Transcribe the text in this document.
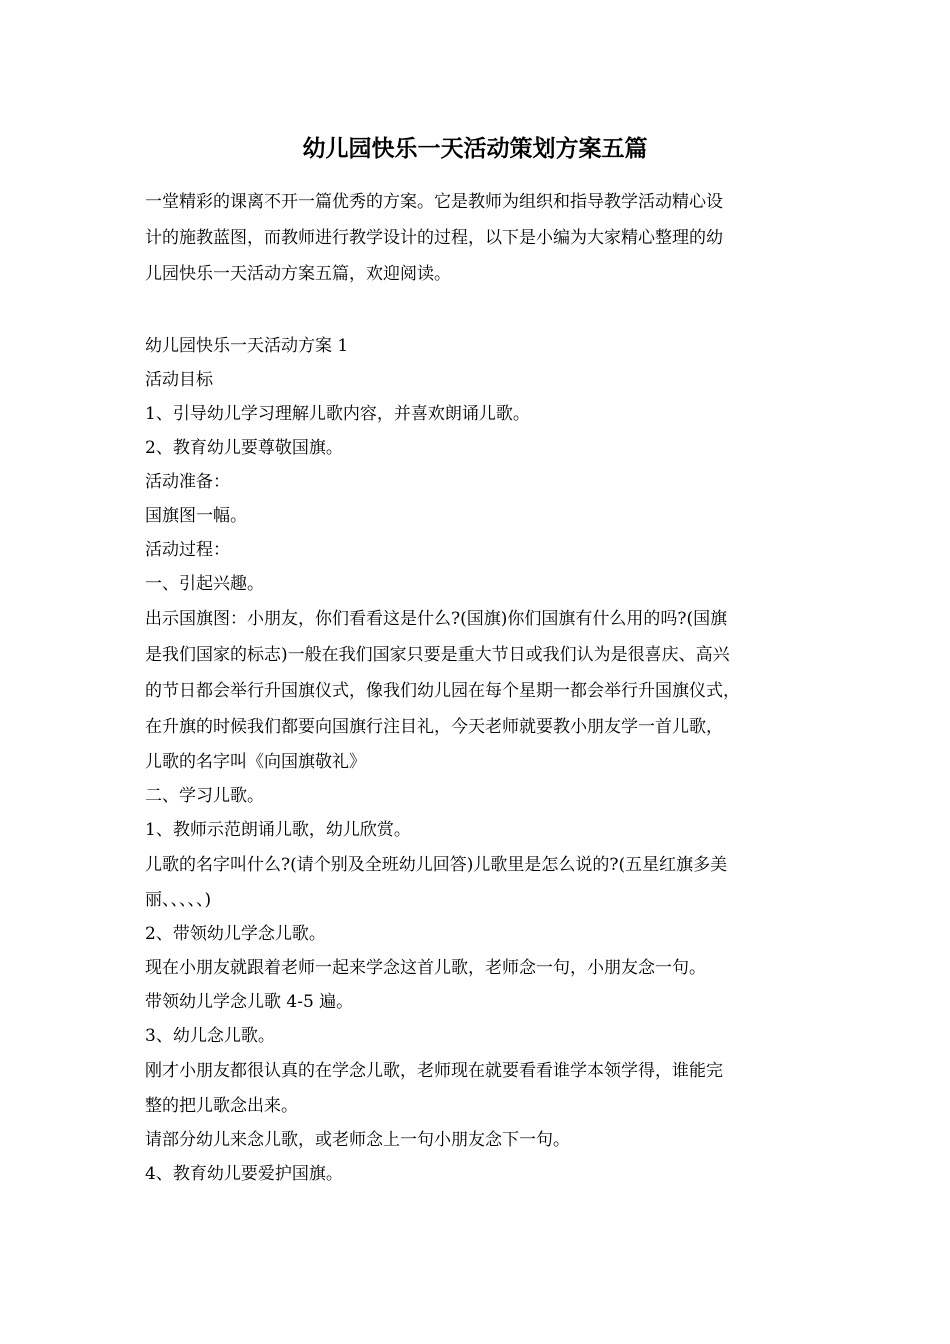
幼儿园快乐一天活动策划方案五篇

一堂精彩的课离不开一篇优秀的方案。它是教师为组织和指导教学活动精心设

计的施教蓝图，而教师进行教学设计的过程，以下是小编为大家精心整理的幼

儿园快乐一天活动方案五篇，欢迎阅读。

幼儿园快乐一天活动方案 1

活动目标

1、引导幼儿学习理解儿歌内容，并喜欢朗诵儿歌。

2、教育幼儿要尊敬国旗。

活动准备：

国旗图一幅。

活动过程：

一、引起兴趣。

出示国旗图：小朋友，你们看看这是什么?(国旗)你们国旗有什么用的吗?(国旗

是我们国家的标志)一般在我们国家只要是重大节日或我们认为是很喜庆、高兴

的节日都会举行升国旗仪式，像我们幼儿园在每个星期一都会举行升国旗仪式，

在升旗的时候我们都要向国旗行注目礼，今天老师就要教小朋友学一首儿歌，

儿歌的名字叫《向国旗敬礼》

二、学习儿歌。

1、教师示范朗诵儿歌，幼儿欣赏。

儿歌的名字叫什么?(请个别及全班幼儿回答)儿歌里是怎么说的?(五星红旗多美

丽、、、、、)

2、带领幼儿学念儿歌。

现在小朋友就跟着老师一起来学念这首儿歌，老师念一句，小朋友念一句。

带领幼儿学念儿歌 4-5 遍。

3、幼儿念儿歌。

刚才小朋友都很认真的在学念儿歌，老师现在就要看看谁学本领学得，谁能完

整的把儿歌念出来。

请部分幼儿来念儿歌，或老师念上一句小朋友念下一句。

4、教育幼儿要爱护国旗。
